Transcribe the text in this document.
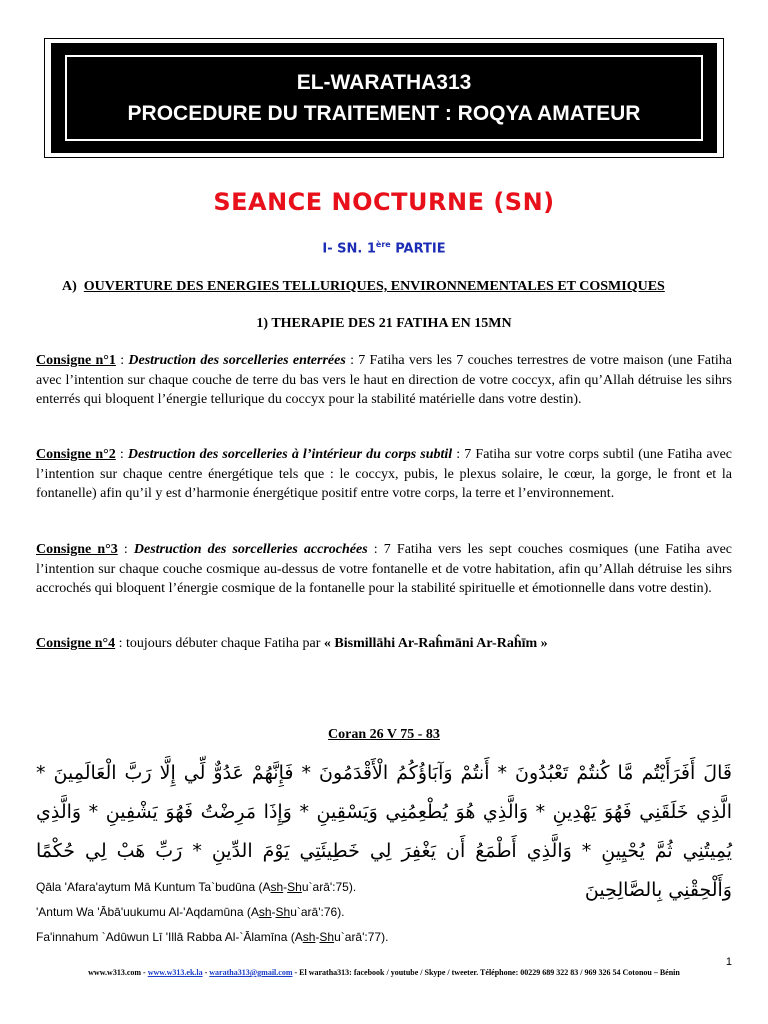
EL-WARATHA313
PROCEDURE DU TRAITEMENT : ROQYA AMATEUR
SEANCE NOCTURNE (SN)
I- SN. 1ère PARTIE
A) OUVERTURE DES ENERGIES TELLURIQUES, ENVIRONNEMENTALES ET COSMIQUES
1) THERAPIE DES 21 FATIHA EN 15MN
Consigne n°1 : Destruction des sorcelleries enterrées : 7 Fatiha vers les 7 couches terrestres de votre maison (une Fatiha avec l’intention sur chaque couche de terre du bas vers le haut en direction de votre coccyx, afin qu’Allah détruise les sihrs enterrés qui bloquent l’énergie tellurique du coccyx pour la stabilité matérielle dans votre destin).
Consigne n°2 : Destruction des sorcelleries à l’intérieur du corps subtil : 7 Fatiha sur votre corps subtil (une Fatiha avec l’intention sur chaque centre énergétique tels que : le coccyx, pubis, le plexus solaire, le cœur, la gorge, le front et la fontanelle) afin qu’il y est d’harmonie énergétique positif entre votre corps, la terre et l’environnement.
Consigne n°3 : Destruction des sorcelleries accrochées : 7 Fatiha vers les sept couches cosmiques (une Fatiha avec l’intention sur chaque couche cosmique au-dessus de votre fontanelle et de votre habitation, afin qu’Allah détruise les sihrs accrochés qui bloquent l’énergie cosmique de la fontanelle pour la stabilité spirituelle et émotionnelle dans votre destin).
Consigne n°4 : toujours débuter chaque Fatiha par « Bismillāhi Ar-Raĥmāni Ar-Raĥīm »
Coran 26 V 75 - 83
قَالَ أَفَرَأَيْتُم مَّا كُنتُمْ تَعْبُدُونَ * أَنتُمْ وَآبَاؤُكُمُ الْأَقْدَمُونَ * فَإِنَّهُمْ عَدُوٌّ لِّي إِلَّا رَبَّ الْعَالَمِينَ * الَّذِي خَلَقَنِي فَهُوَ يَهْدِينِ * وَالَّذِي هُوَ يُطْعِمُنِي وَيَسْقِينِ * وَإِذَا مَرِضْتُ فَهُوَ يَشْفِينِ * وَالَّذِي يُمِيتُنِي ثُمَّ يُحْيِينِ * وَالَّذِي أَطْمَعُ أَن يَغْفِرَ لِي خَطِيئَتِي يَوْمَ الدِّينِ * رَبِّ هَبْ لِي حُكْمًا وَأَلْحِقْنِي بِالصَّالِحِينَ
Qāla 'Afara'aytum Mā Kuntum Ta`budūna (Ash-Shu`arā':75).
'Antum Wa 'Ābā'uukumu Al-'Aqdamūna (Ash-Shu`arā':76).
Fa'innahum `Adūwun Lī 'Illā Rabba Al-`Ālamīna (Ash-Shu`arā':77).
1
www.w313.com - www.w313.ek.la - waratha313@gmail.com - El waratha313: facebook / youtube / Skype / tweeter. Téléphone: 00229 689 322 83 / 969 326 54 Cotonou – Bénin
